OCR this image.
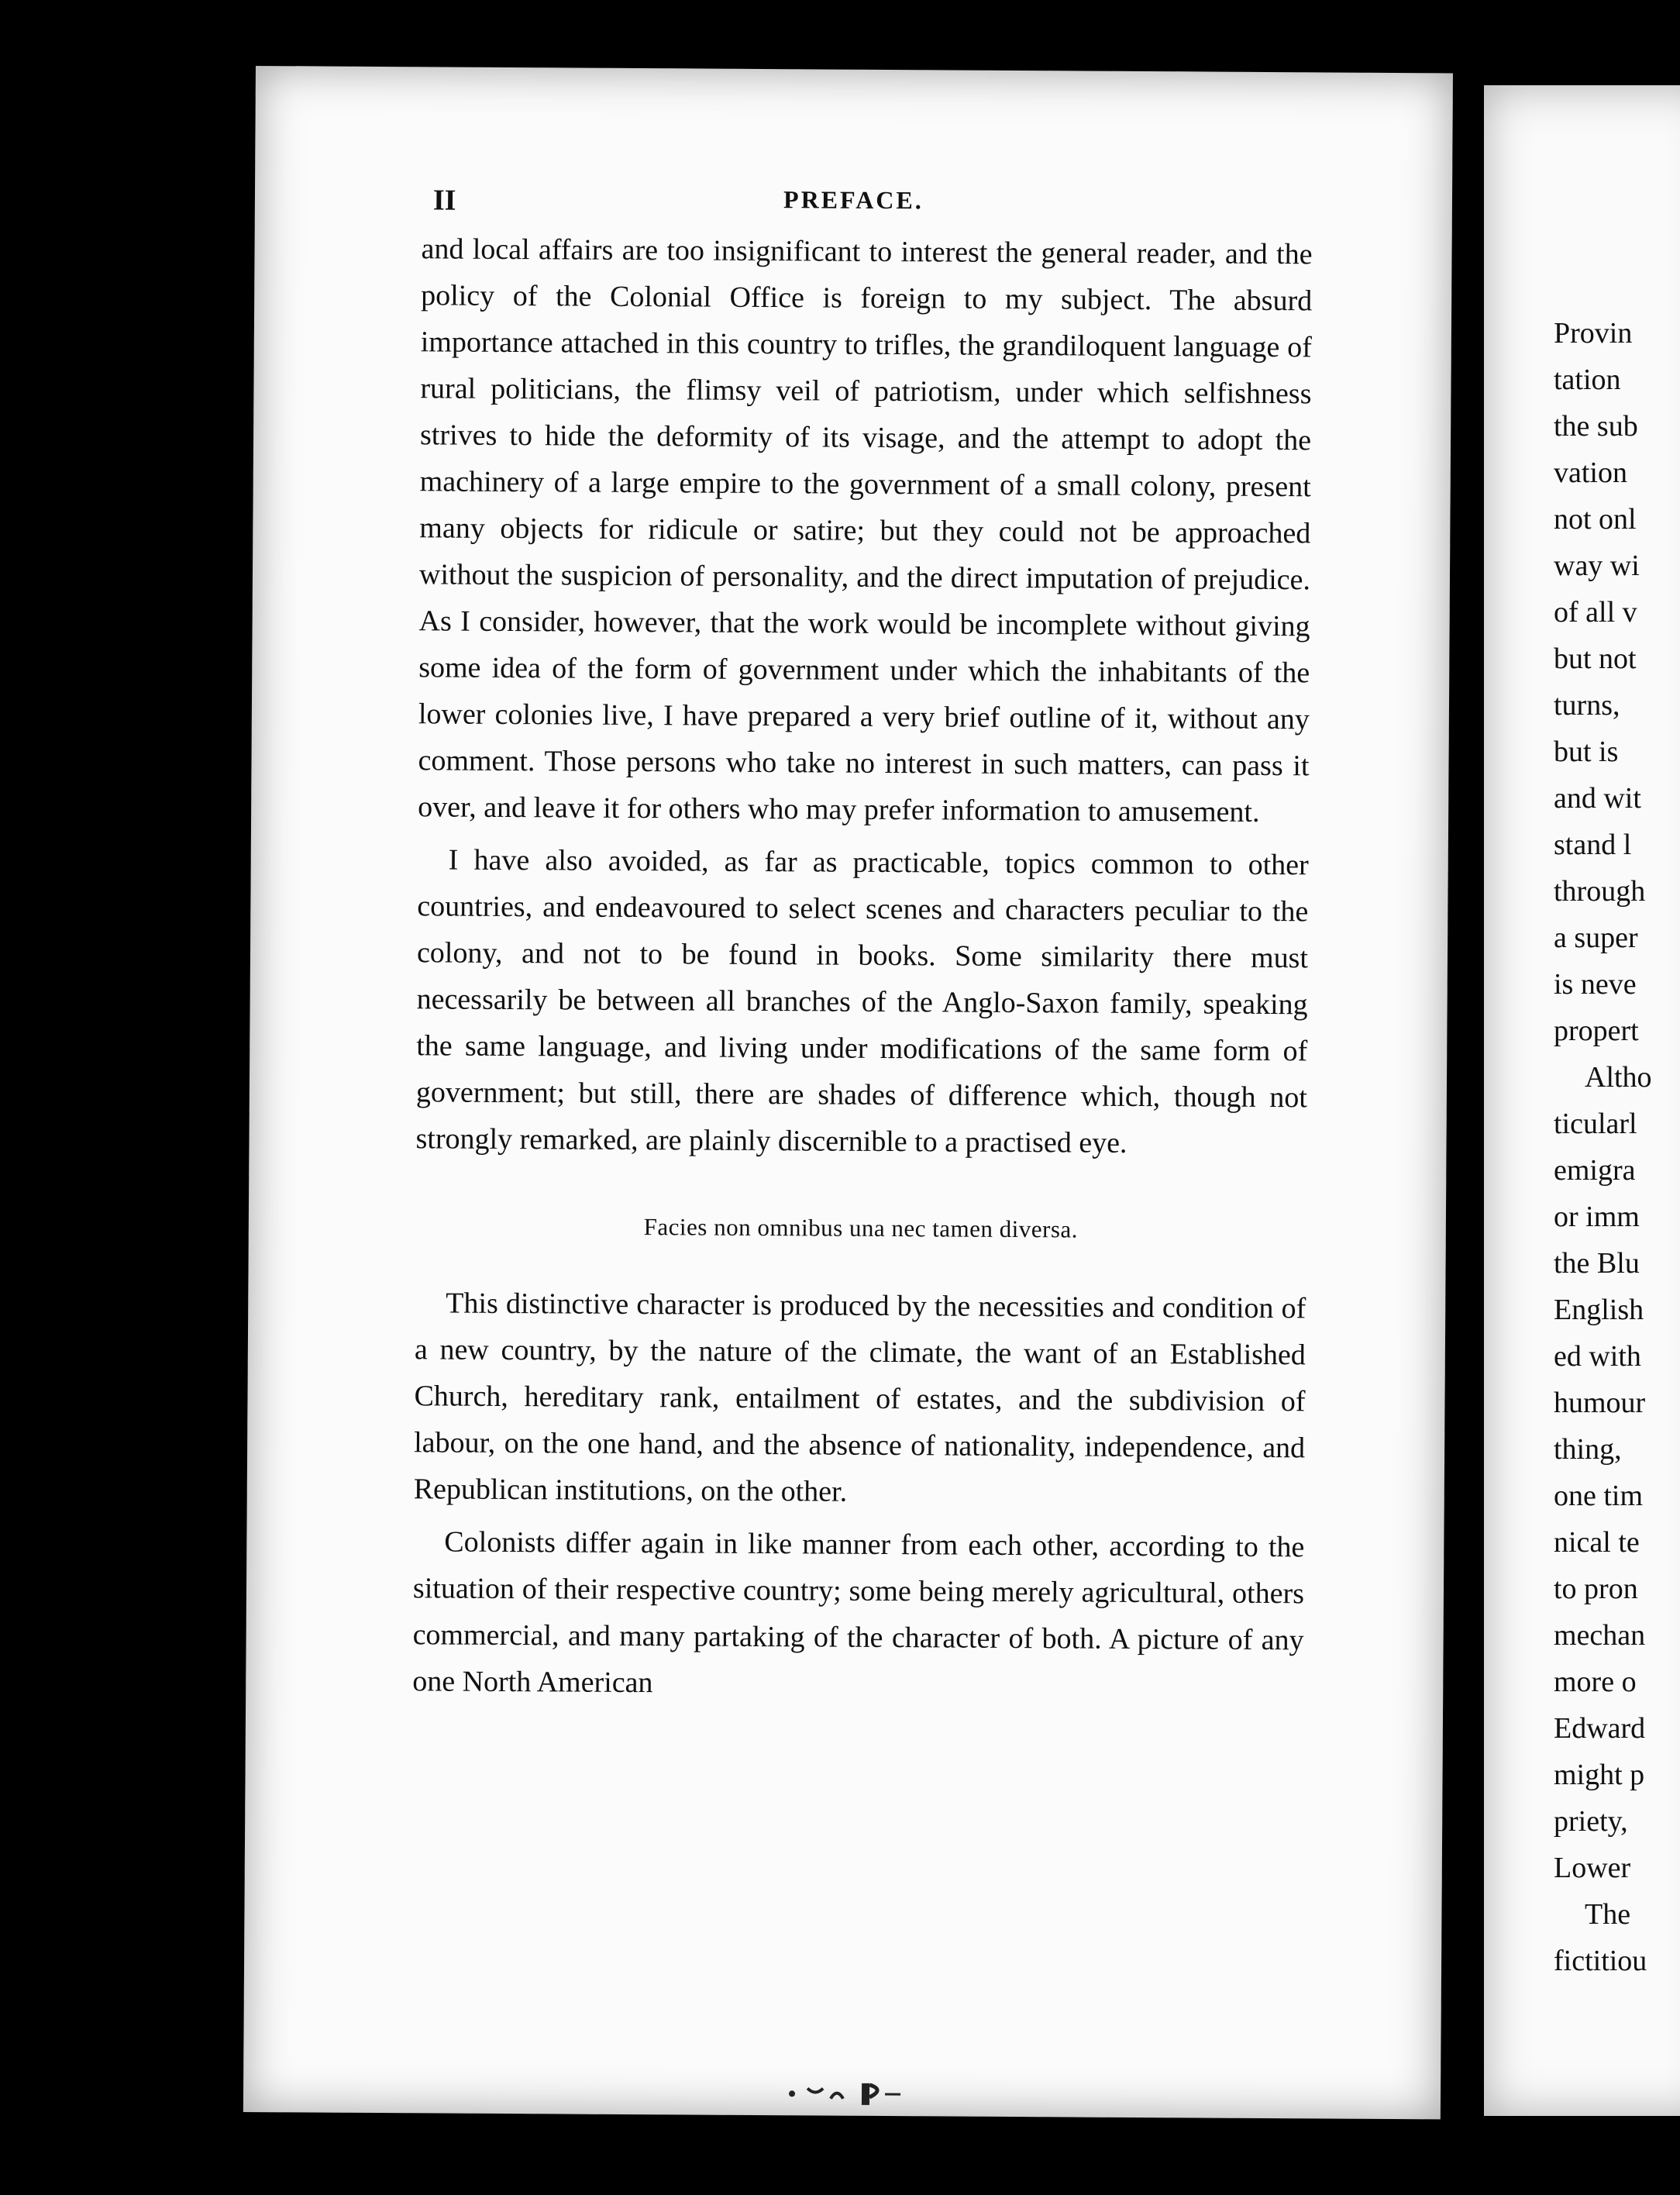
II	PREFACE.

and local affairs are too insignificant to interest the general reader, and the policy of the Colonial Office is foreign to my subject. The absurd importance attached in this country to trifles, the grandiloquent language of rural politicians, the flimsy veil of patriotism, under which selfishness strives to hide the deformity of its visage, and the attempt to adopt the machinery of a large empire to the government of a small colony, present many objects for ridicule or satire; but they could not be approached without the suspicion of personality, and the direct imputation of prejudice. As I consider, however, that the work would be incomplete without giving some idea of the form of government under which the inhabitants of the lower colonies live, I have prepared a very brief outline of it, without any comment. Those persons who take no interest in such matters, can pass it over, and leave it for others who may prefer information to amusement.

I have also avoided, as far as practicable, topics common to other countries, and endeavoured to select scenes and characters peculiar to the colony, and not to be found in books. Some similarity there must necessarily be between all branches of the Anglo-Saxon family, speaking the same language, and living under modifications of the same form of government; but still, there are shades of difference which, though not strongly remarked, are plainly discernible to a practised eye.

Facies non omnibus una nec tamen diversa.

This distinctive character is produced by the necessities and condition of a new country, by the nature of the climate, the want of an Established Church, hereditary rank, entailment of estates, and the subdivision of labour, on the one hand, and the absence of nationality, independence, and Republican institutions, on the other.

Colonists differ again in like manner from each other, according to the situation of their respective country; some being merely agricultural, others commercial, and many partaking of the character of both. A picture of any one North American

Provin
tation
the sub
vation
not onl
way wi
of all v
but not
turns,
but is
and wit
stand l
through
a super
is neve
propert
Altho
ticularl
emigra
or imm
the Blu
English
ed with
humour
thing,
one tim
nical te
to pron
mechan
more o
Edward
might p
priety,
Lower
The
fictitiou
